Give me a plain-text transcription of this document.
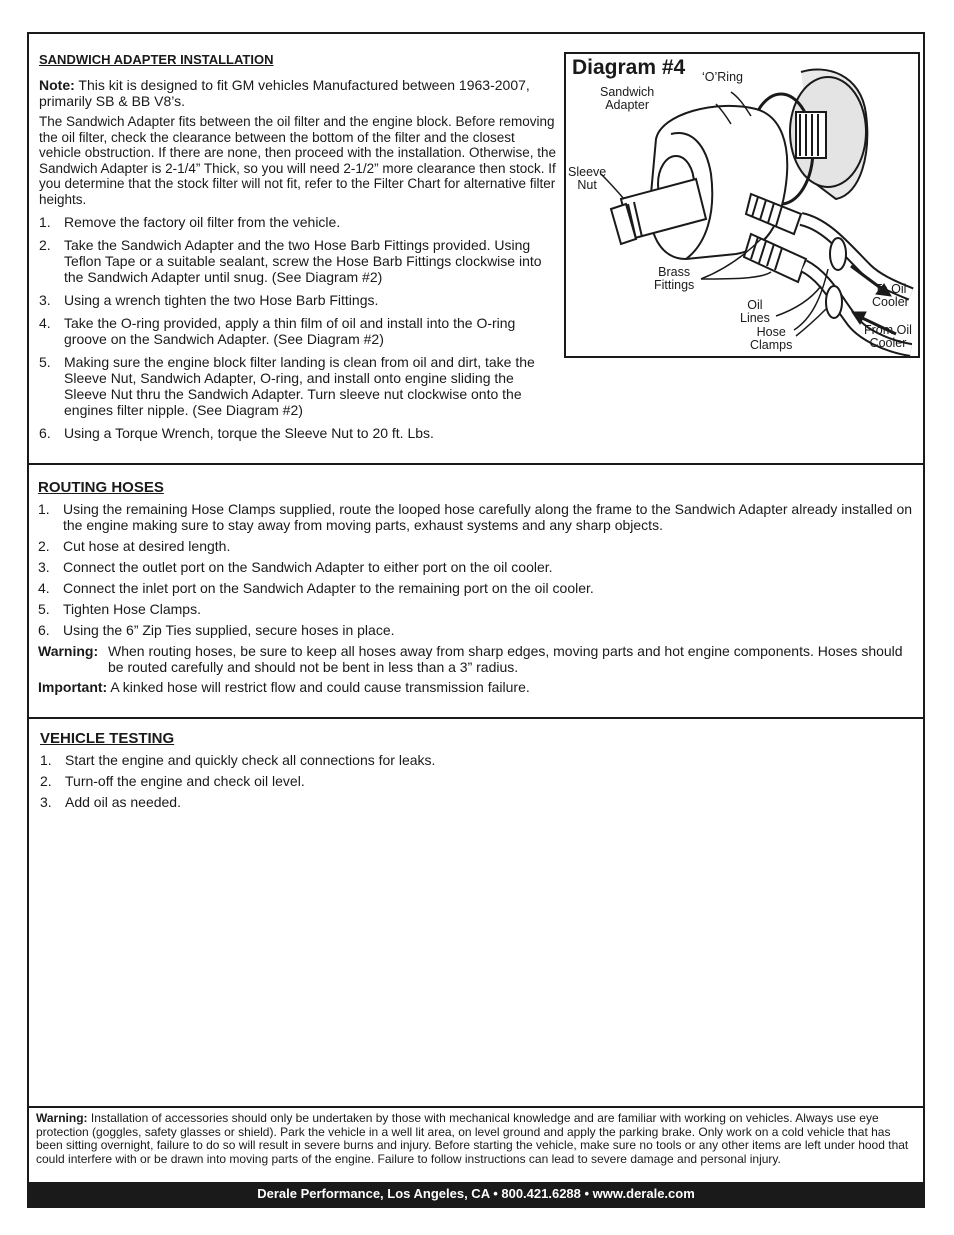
SANDWICH ADAPTER INSTALLATION

Note: This kit is designed to fit GM vehicles Manufactured between 1963-2007, primarily SB & BB V8’s.

The Sandwich Adapter fits between the oil filter and the engine block. Before removing the oil filter, check the clearance between the bottom of the filter and the closest vehicle obstruction. If there are none, then proceed with the installation. Otherwise, the Sandwich Adapter is 2-1/4” Thick, so you will need 2-1/2” more clearance then stock. If you determine that the stock filter will not fit, refer to the Filter Chart for alternative filter heights.

1. Remove the factory oil filter from the vehicle.
2. Take the Sandwich Adapter and the two Hose Barb Fittings provided. Using Teflon Tape or a suitable sealant, screw the Hose Barb Fittings clockwise into the Sandwich Adapter until snug. (See Diagram #2)
3. Using a wrench tighten the two Hose Barb Fittings.
4. Take the O-ring provided, apply a thin film of oil and install into the O-ring groove on the Sandwich Adapter. (See Diagram #2)
5. Making sure the engine block filter landing is clean from oil and dirt, take the Sleeve Nut, Sandwich Adapter, O-ring, and install onto engine sliding the Sleeve Nut thru the Sandwich Adapter. Turn sleeve nut clockwise onto the engines filter nipple. (See Diagram #2)
6. Using a Torque Wrench, torque the Sleeve Nut to 20 ft. Lbs.
Diagram #4 ‘O’Ring
Sandwich
Adapter
Sleeve
Nut
Brass
Fittings
Oil
Lines
Hose
Clamps
To Oil
Cooler
From Oil
Cooler
ROUTING HOSES
1. Using the remaining Hose Clamps supplied, route the looped hose carefully along the frame to the Sandwich Adapter already installed on the engine making sure to stay away from moving parts, exhaust systems and any sharp objects.
2. Cut hose at desired length.
3. Connect the outlet port on the Sandwich Adapter to either port on the oil cooler.
4. Connect the inlet port on the Sandwich Adapter to the remaining port on the oil cooler.
5. Tighten Hose Clamps.
6. Using the 6” Zip Ties supplied, secure hoses in place.
Warning: When routing hoses, be sure to keep all hoses away from sharp edges, moving parts and hot engine components. Hoses should be routed carefully and should not be bent in less than a 3” radius.
Important: A kinked hose will restrict flow and could cause transmission failure.
VEHICLE TESTING
1. Start the engine and quickly check all connections for leaks.
2. Turn-off the engine and check oil level.
3. Add oil as needed.
Warning: Installation of accessories should only be undertaken by those with mechanical knowledge and are familiar with working on vehicles. Always use eye protection (goggles, safety glasses or shield). Park the vehicle in a well lit area, on level ground and apply the parking brake. Only work on a cold vehicle that has been sitting overnight, failure to do so will result in severe burns and injury. Before starting the vehicle, make sure no tools or any other items are left under hood that could interfere with or be drawn into moving parts of the engine. Failure to follow instructions can lead to severe damage and personal injury.
Derale Performance, Los Angeles, CA • 800.421.6288 • www.derale.com
